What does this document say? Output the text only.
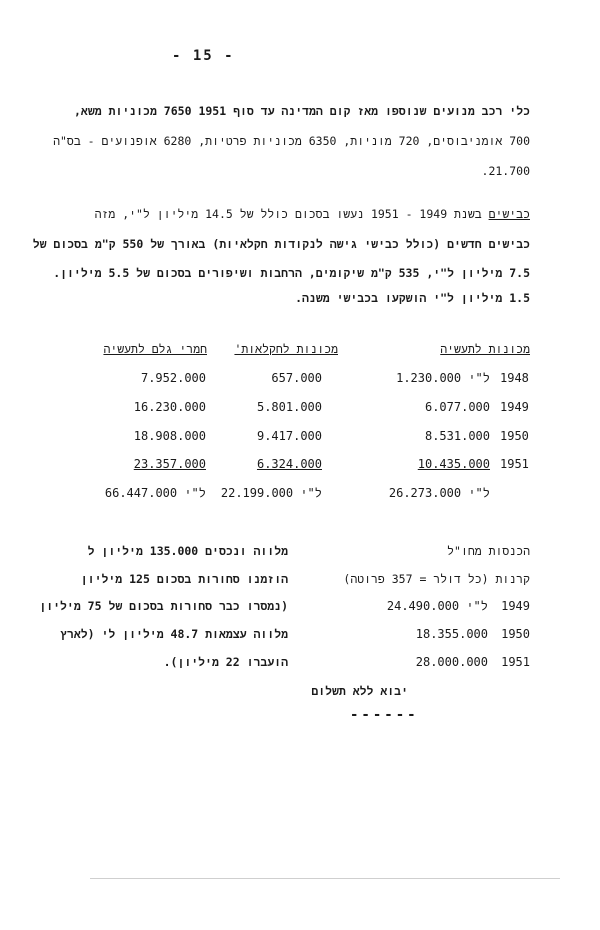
- 15 -
כלי רכב מנועים שנוספו מאז קום המדינה עד סוף 1951 7650 מכוניות משא,
700 אומניבוסים, 720 מוניות, 6350 מכוניות פרטיות, 6280 אופנועים - בס"ה
.21.700
כבישים בשנת 1949 - 1951 נעשו בסכום כולל של 14.5 מיליון ל"י, מזה
כבישים חדשים (כולל כבישי גישה לנקודות חקלאיות) באורך של 550 ק"מ בסכום של
7.5 מיליון ל"י, 535 ק"מ שיקומים, הרחבות ושיפורים בסכום של 5.5 מיליון.
1.5 מיליון ל"י הושקעו בכבישי משנה.
מכונות לתעשיה
מכונות לחקלאות'
חמרי גלם לתעשיה
1948
1.230.000 ל"י
657.000
7.952.000
1949
6.077.000
5.801.000
16.230.000
1950
8.531.000
9.417.000
18.908.000
1951
10.435.000
6.324.000
23.357.000
26.273.000 ל"י
22.199.000 ל"י
66.447.000 ל"י
הכנסות מחו"ל
קרנות (כל דולר = 357 פרוטה)
1949
24.490.000 ל"י
1950
18.355.000
1951
28.000.000
מלווה ונכסים 135.000 מיליון ל
הוזמנו סחורות בסכום 125 מיליון
(נמסרו כבר סחורות בסכום של 75 מיליון
מלווה עצמאות 48.7 מיליון לי (לארץ
הועברו 22 מיליון).
יבוא ללא תשלום
------
